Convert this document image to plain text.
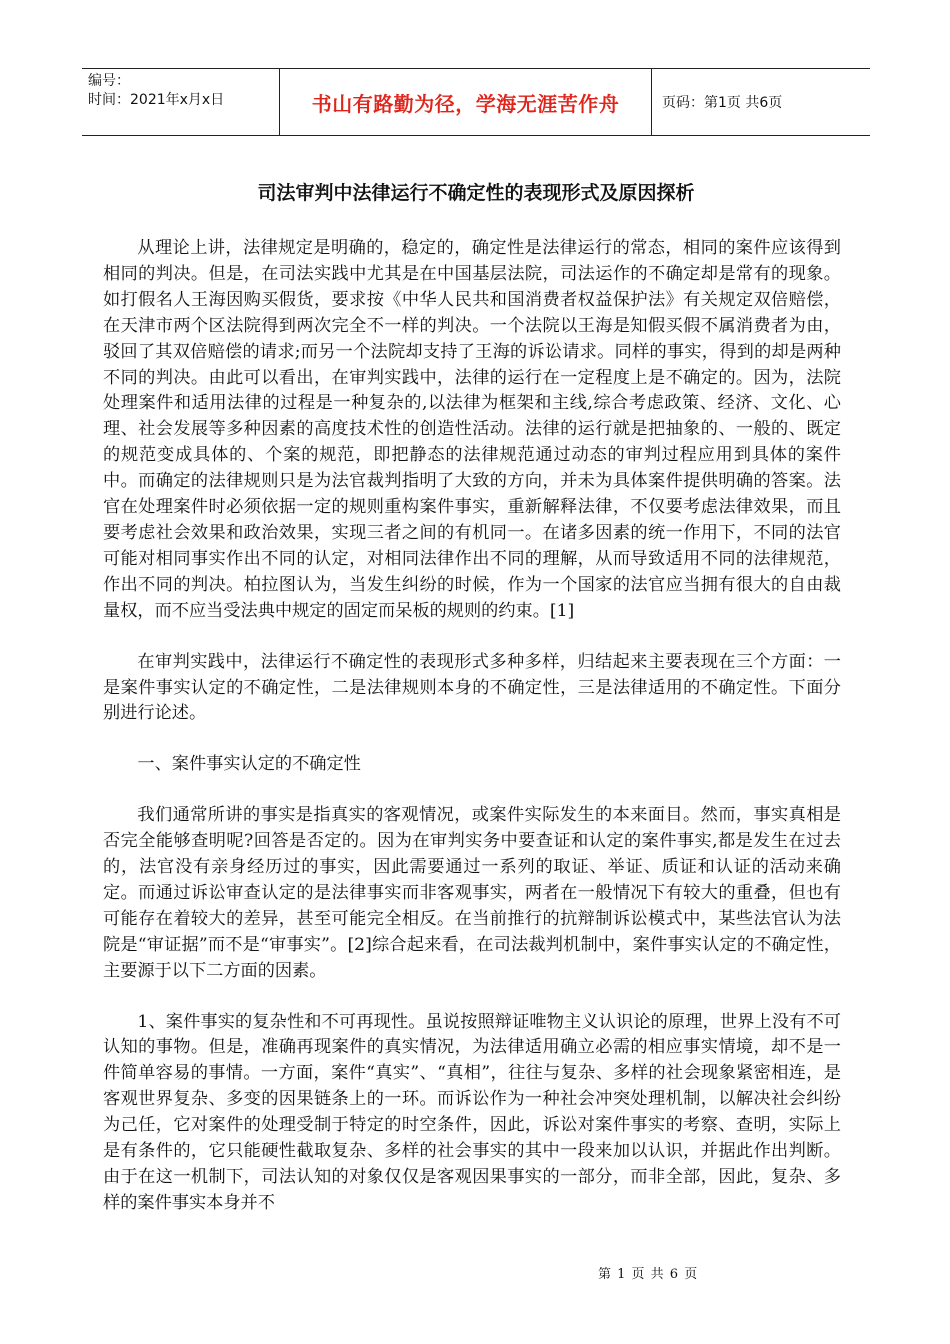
编号：
时间：2021年x月x日	书山有路勤为径，学海无涯苦作舟	页码：第1页 共6页
司法审判中法律运行不确定性的表现形式及原因探析

从理论上讲，法律规定是明确的，稳定的，确定性是法律运行的常态，相同的案件应该得到相同的判决。但是，在司法实践中尤其是在中国基层法院，司法运作的不确定却是常有的现象。如打假名人王海因购买假货，要求按《中华人民共和国消费者权益保护法》有关规定双倍赔偿，在天津市两个区法院得到两次完全不一样的判决。一个法院以王海是知假买假不属消费者为由，驳回了其双倍赔偿的请求;而另一个法院却支持了王海的诉讼请求。同样的事实，得到的却是两种不同的判决。由此可以看出，在审判实践中，法律的运行在一定程度上是不确定的。因为，法院处理案件和适用法律的过程是一种复杂的,以法律为框架和主线,综合考虑政策、经济、文化、心理、社会发展等多种因素的高度技术性的创造性活动。法律的运行就是把抽象的、一般的、既定的规范变成具体的、个案的规范，即把静态的法律规范通过动态的审判过程应用到具体的案件中。而确定的法律规则只是为法官裁判指明了大致的方向，并未为具体案件提供明确的答案。法官在处理案件时必须依据一定的规则重构案件事实，重新解释法律，不仅要考虑法律效果，而且要考虑社会效果和政治效果，实现三者之间的有机同一。在诸多因素的统一作用下，不同的法官可能对相同事实作出不同的认定，对相同法律作出不同的理解，从而导致适用不同的法律规范，作出不同的判决。柏拉图认为，当发生纠纷的时候，作为一个国家的法官应当拥有很大的自由裁量权，而不应当受法典中规定的固定而呆板的规则的约束。[1]

在审判实践中，法律运行不确定性的表现形式多种多样，归结起来主要表现在三个方面：一是案件事实认定的不确定性，二是法律规则本身的不确定性，三是法律适用的不确定性。下面分别进行论述。

一、案件事实认定的不确定性

我们通常所讲的事实是指真实的客观情况，或案件实际发生的本来面目。然而，事实真相是否完全能够查明呢?回答是否定的。因为在审判实务中要查证和认定的案件事实,都是发生在过去的，法官没有亲身经历过的事实，因此需要通过一系列的取证、举证、质证和认证的活动来确定。而通过诉讼审查认定的是法律事实而非客观事实，两者在一般情况下有较大的重叠，但也有可能存在着较大的差异，甚至可能完全相反。在当前推行的抗辩制诉讼模式中，某些法官认为法院是“审证据”而不是“审事实”。[2]综合起来看，在司法裁判机制中，案件事实认定的不确定性，主要源于以下二方面的因素。

1、案件事实的复杂性和不可再现性。虽说按照辩证唯物主义认识论的原理，世界上没有不可认知的事物。但是，准确再现案件的真实情况，为法律适用确立必需的相应事实情境，却不是一件简单容易的事情。一方面，案件“真实”、“真相”，往往与复杂、多样的社会现象紧密相连，是客观世界复杂、多变的因果链条上的一环。而诉讼作为一种社会冲突处理机制，以解决社会纠纷为己任，它对案件的处理受制于特定的时空条件，因此，诉讼对案件事实的考察、查明，实际上是有条件的，它只能硬性截取复杂、多样的社会事实的其中一段来加以认识，并据此作出判断。由于在这一机制下，司法认知的对象仅仅是客观因果事实的一部分，而非全部，因此，复杂、多样的案件事实本身并不

第 1 页 共 6 页
